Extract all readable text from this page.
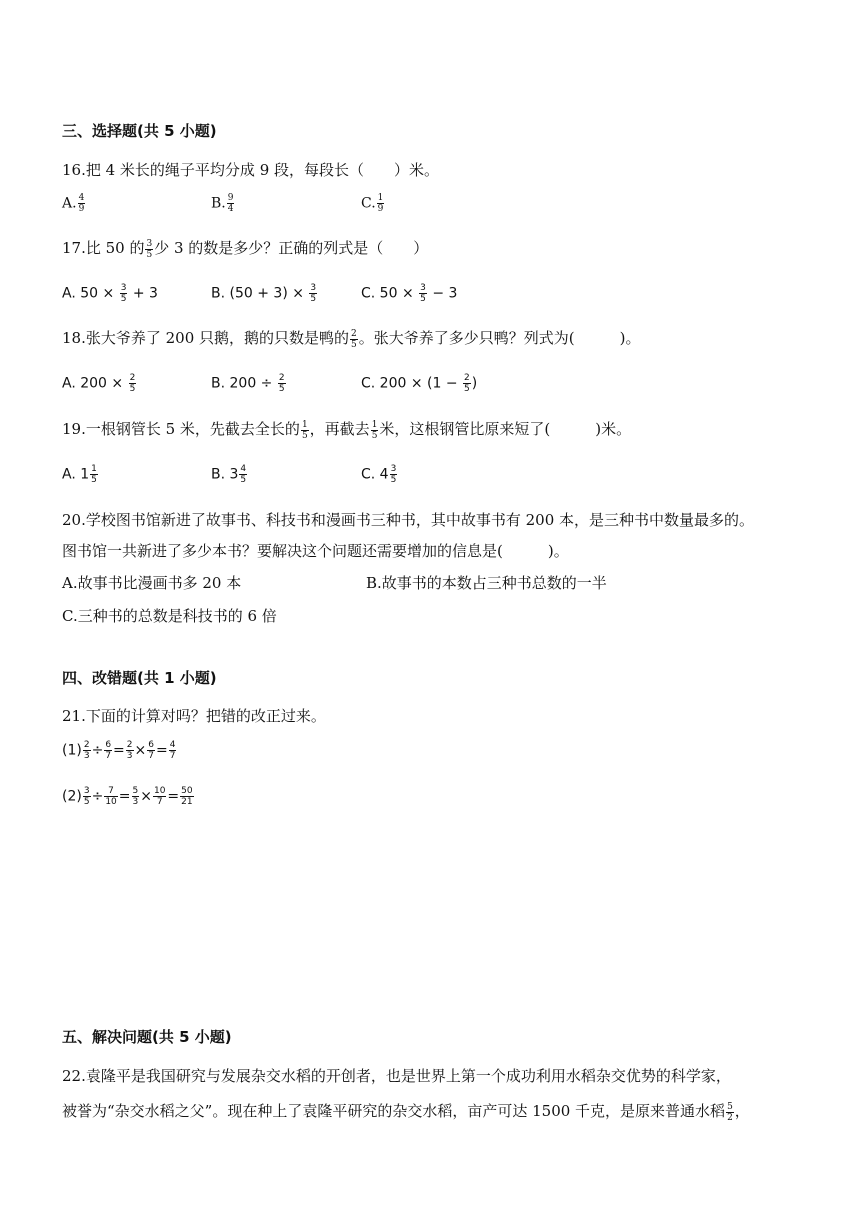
三、选择题(共 5 小题)
16.把 4 米长的绳子平均分成 9 段，每段长（　　）米。
A. $\frac{4}{9}$	B. $\frac{9}{4}$	C. $\frac{1}{9}$
17.比 50 的 $\frac{3}{5}$ 少 3 的数是多少？正确的列式是（　　）
A. $50 \times \frac{3}{5} + 3$	B. $(50 + 3) \times \frac{3}{5}$	C. $50 \times \frac{3}{5} - 3$
18.张大爷养了 200 只鹅，鹅的只数是鸭的 $\frac{2}{5}$ 。张大爷养了多少只鸭？列式为(　　　)。
A. $200 \times \frac{2}{5}$	B. $200 \div \frac{2}{5}$	C. $200 \times (1 - \frac{2}{5}$ )
19.一根钢管长 5 米，先截去全长的 $\frac{1}{5}$ ，再截去 $\frac{1}{5}$ 米，这根钢管比原来短了(　　　)米。
A. $1 \frac{1}{5}$	B. $3 \frac{4}{5}$	C. $4 \frac{3}{5}$
20.学校图书馆新进了故事书、科技书和漫画书三种书，其中故事书有 200 本，是三种书中数量最多的。
图书馆一共新进了多少本书？要解决这个问题还需要增加的信息是(　　　)。
A.故事书比漫画书多 20 本	B.故事书的本数占三种书总数的一半
C.三种书的总数是科技书的 6 倍
四、改错题(共 1 小题)
21.下面的计算对吗？把错的改正过来。
$(1) \frac{2}{3} \div \frac{6}{7} = \frac{2}{3} \times \frac{6}{7} = \frac{4}{7}$
$(2) \frac{3}{5} \div \frac{7}{10} = \frac{5}{3} \times \frac{10}{7} = \frac{50}{21}$
五、解决问题(共 5 小题)
22.袁隆平是我国研究与发展杂交水稻的开创者，也是世界上第一个成功利用水稻杂交优势的科学家，
被誉为“杂交水稻之父”。现在种上了袁隆平研究的杂交水稻，亩产可达 1500 千克，是原来普通水稻 $\frac{5}{2}$ ，
